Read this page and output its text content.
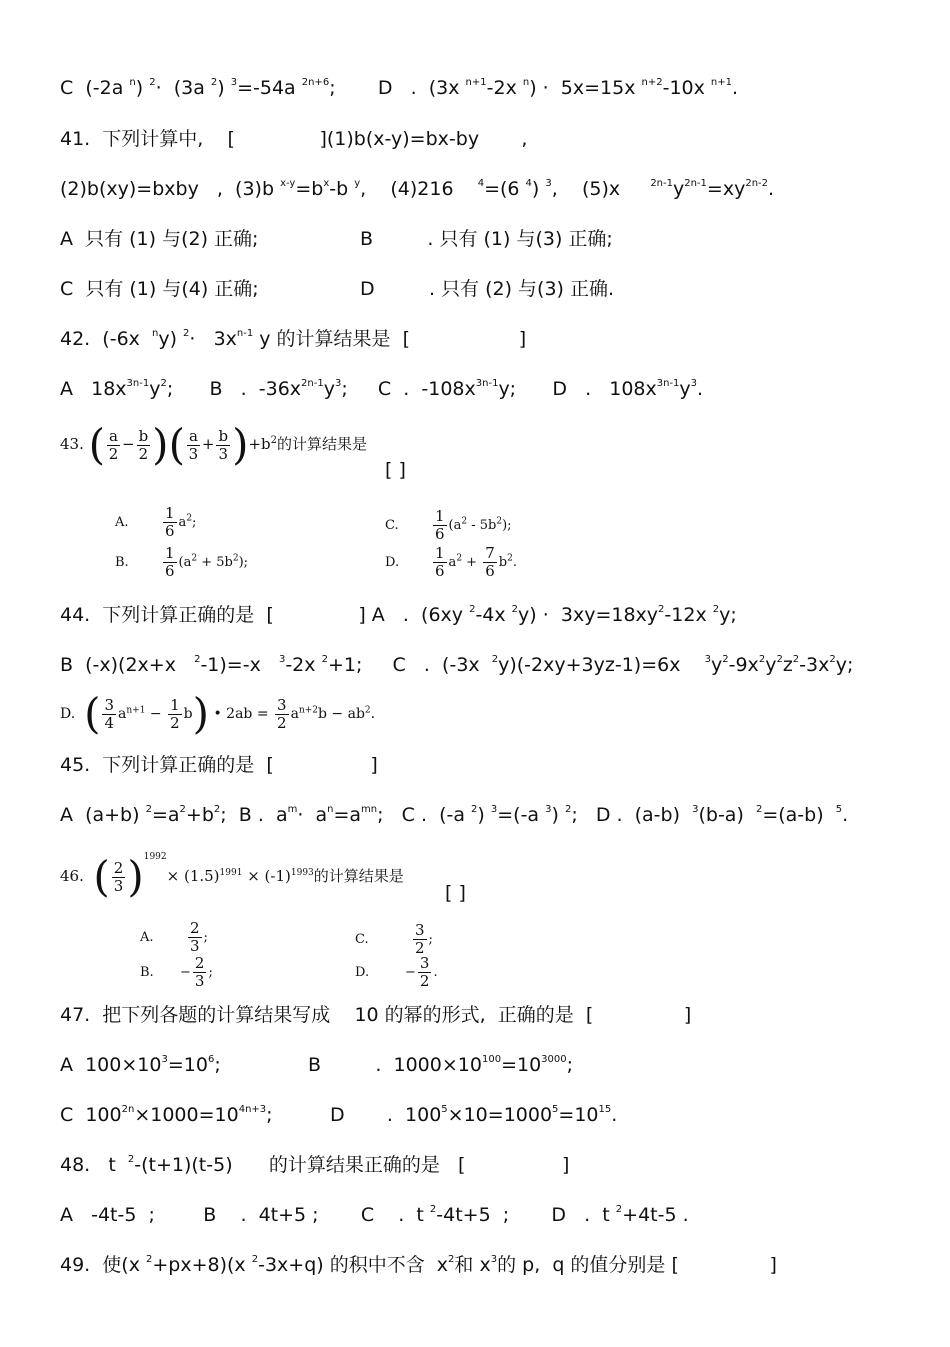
C  (-2a $^n$) $^2$·  (3a $^2$) $^3$=-54a $^{2n+6}$;       D   .  (3x $^{n+1}$-2x $^n$) ·  5x=15x $^{n+2}$-10x $^{n+1}$.
41.  下列计算中,    [              ](1)b(x-y)=bx-by       ,
(2)b(xy)=bxby   ,  (3)b $^{x-y}=b^x-b$ $^y$,    (4)216    $^4$=(6 $^4$) $^3$,    (5)x     $^{2n-1}y^{2n-1}=xy^{2n-2}$.
A  只有 (1) 与(2) 正确;	B         . 只有 (1) 与(3) 正确;
C  只有 (1) 与(4) 正确;	D         . 只有 (2) 与(3) 正确.
42.  (-6x  $^n$y) $^2\cdot 3x^{n-1}$ y 的计算结果是  [                  ]
A   $18x^{3n-1}y^2$;      B   .  $-36x^{2n-1}y^3$;     C  .  $-108x^{3n-1}y$;      D   .   $108x^{3n-1}y^3$.
43. ( $\frac{a}{2} - \frac{b}{2}$ )( $\frac{a}{3} + \frac{b}{3} )+b^2$的计算结果是
[ ]
A. $\frac{1}{6} a^2$;
B. $\frac{1}{6} (a^2 + 5b^2)$;
C. $\frac{1}{6} (a^2 - 5b^2)$;
D. $\frac{1}{6} a^2 + \frac{7}{6} b^2$.
44.  下列计算正确的是  [              ] A   .  (6xy $^2$-4x $^2y) \cdot 3xy=18xy^2-12x$ $^2$y;
B  (-x)(2x+x   $^2$-1)=-x   $^3$-2x $^2$+1;     C   .  (-3x  $^2$y)(-2xy+3yz-1)=6x    $^3y^2-9x^2y^2z^2-3x^2y$;
D. ( $\frac{3}{4} a^{n+1} - \frac{1}{2} b$) • $2ab = \frac{3}{2} a^{n+2}b - ab^2$.
45.  下列计算正确的是  [                ]
A  (a+b) $^2=a^2+b^2$;  B .  $a^m\cdot a^n=a^{mn}$;   C .  (-a $^2$) $^3$=(-a $^3$) $^2$;   D .  (a-b)  $^3$(b-a)  $^2$=(a-b)  $^5$.
46. ( $\frac{2}{3} )^{1992}\times (1.5)^{1991} \times (-1)^{1993}$的计算结果是
[ ]
A. $\frac{2}{3}$ ;
B. − $\frac{2}{3}$ ;
C.	$\frac{3}{2}$ ;
D.	− $\frac{3}{2}$ .
47.  把下列各题的计算结果写成    10 的幂的形式,  正确的是  [               ]
A  $100\times 10^3=10^6$;	B         .  $1000\times 10^{100}=10^{3000}$;
C  $100^{2n}\times 1000=10^{4n+3}$;	D       .  $100^5\times 10=1000^5=10^{15}$.
48.   t  $^2$-(t+1)(t-5)      的计算结果正确的是   [                ]
A   -4t-5  ;        B    .  4t+5 ;       C    .  t $^2$-4t+5  ;       D   .  t $^2$+4t-5 .
49.  使(x $^2$+px+8)(x $^2$-3x+q) 的积中不含  $x^2$和 $x^3$的 p,  q 的值分别是 [               ]
